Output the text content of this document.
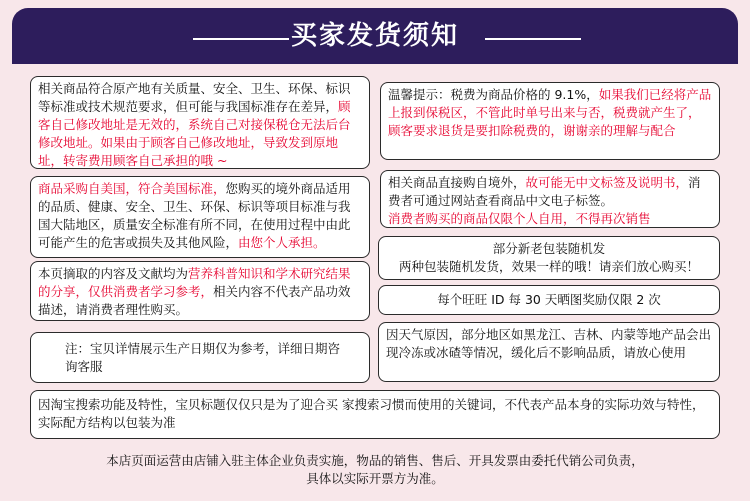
买家发货须知
相关商品符合原产地有关质量、安全、卫生、环保、标识等标准或技术规范要求，但可能与我国标准存在差异，顾客自己修改地址是无效的，系统自己对接保税仓无法后台修改地址。如果由于顾客自己修改地址，导致发到原地址，转寄费用顾客自己承担的哦 ~
温馨提示：税费为商品价格的 9.1%，如果我们已经将产品上报到保税区，不管此时单号出来与否，税费就产生了，顾客要求退货是要扣除税费的，谢谢亲的理解与配合
商品采购自美国，符合美国标准，您购买的境外商品适用的品质、健康、安全、卫生、环保、标识等项目标准与我国大陆地区，质量安全标准有所不同，在使用过程中由此可能产生的危害或损失及其他风险，由您个人承担。
相关商品直接购自境外，故可能无中文标签及说明书，消费者可通过网站查看商品中文电子标签。
消费者购买的商品仅限个人自用，不得再次销售
部分新老包装随机发
两种包装随机发货，效果一样的哦！请亲们放心购买！
本页摘取的内容及文献均为营养科普知识和学术研究结果的分享，仅供消费者学习参考，相关内容不代表产品功效描述，请消费者理性购买。
每个旺旺 ID 每 30 天晒图奖励仅限 2 次
注：宝贝详情展示生产日期仅为参考，详细日期咨询客服
因天气原因，部分地区如黑龙江、吉林、内蒙等地产品会出现冷冻或冰碴等情况，缓化后不影响品质，请放心使用
因淘宝搜索功能及特性，宝贝标题仅仅只是为了迎合买 家搜索习惯而使用的关键词，不代表产品本身的实际功效与特性，实际配方结构以包装为准
本店页面运营由店铺入驻主体企业负责实施，物品的销售、售后、开具发票由委托代销公司负责，
具体以实际开票方为准。
